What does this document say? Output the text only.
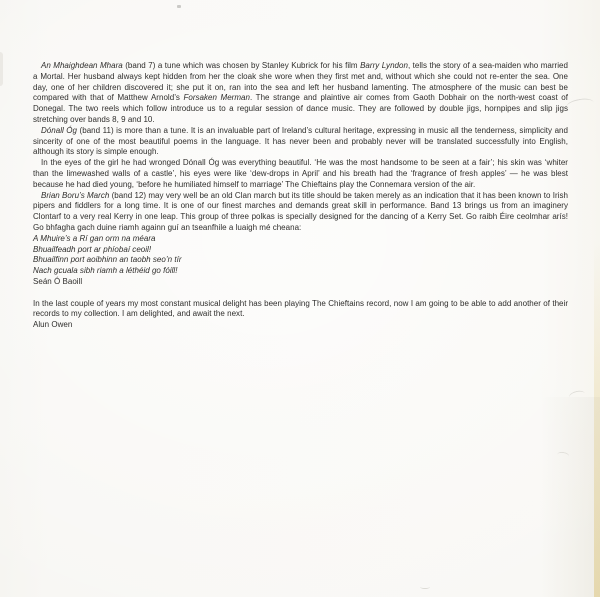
An Mhaighdean Mhara (band 7) a tune which was chosen by Stanley Kubrick for his film Barry Lyndon, tells the story of a sea-maiden who married a Mortal. Her husband always kept hidden from her the cloak she wore when they first met and, without which she could not re-enter the sea. One day, one of her children discovered it; she put it on, ran into the sea and left her husband lamenting. The atmosphere of the music can best be compared with that of Matthew Arnold’s Forsaken Merman. The strange and plaintive air comes from Gaoth Dobhair on the north-west coast of Donegal. The two reels which follow introduce us to a regular session of dance music. They are followed by double jigs, hornpipes and slip jigs stretching over bands 8, 9 and 10.

Dónall Óg (band 11) is more than a tune. It is an invaluable part of Ireland’s cultural heritage, expressing in music all the tenderness, simplicity and sincerity of one of the most beautiful poems in the language. It has never been and probably never will be translated successfully into English, although its story is simple enough.

In the eyes of the girl he had wronged Dónall Óg was everything beautiful. ‘He was the most handsome to be seen at a fair’; his skin was ‘whiter than the limewashed walls of a castle’, his eyes were like ‘dew-drops in April’ and his breath had the ‘fragrance of fresh apples’ — he was blest because he had died young, ‘before he humiliated himself to marriage’ The Chieftains play the Connemara version of the air.

Brian Boru’s March (band 12) may very well be an old Clan march but its title should be taken merely as an indication that it has been known to Irish pipers and fiddlers for a long time. It is one of our finest marches and demands great skill in performance. Band 13 brings us from an imaginery Clontarf to a very real Kerry in one leap. This group of three polkas is specially designed for the dancing of a Kerry Set. Go raibh Éire ceolmhar arís! Go bhfagha gach duine riamh againn guí an tseanfhile a luaigh mé cheana:

A Mhuire’s a Rí gan orm na méara

Bhuailfeadh port ar phíobaí ceoil!

Bhuailfinn port aoibhinn an taobh seo’n tír

Nach gcuala sibh riamh a léthéid go fóill!

Seán Ó Baoill

In the last couple of years my most constant musical delight has been playing The Chieftains record, now I am going to be able to add another of their records to my collection. I am delighted, and await the next.

Alun Owen
